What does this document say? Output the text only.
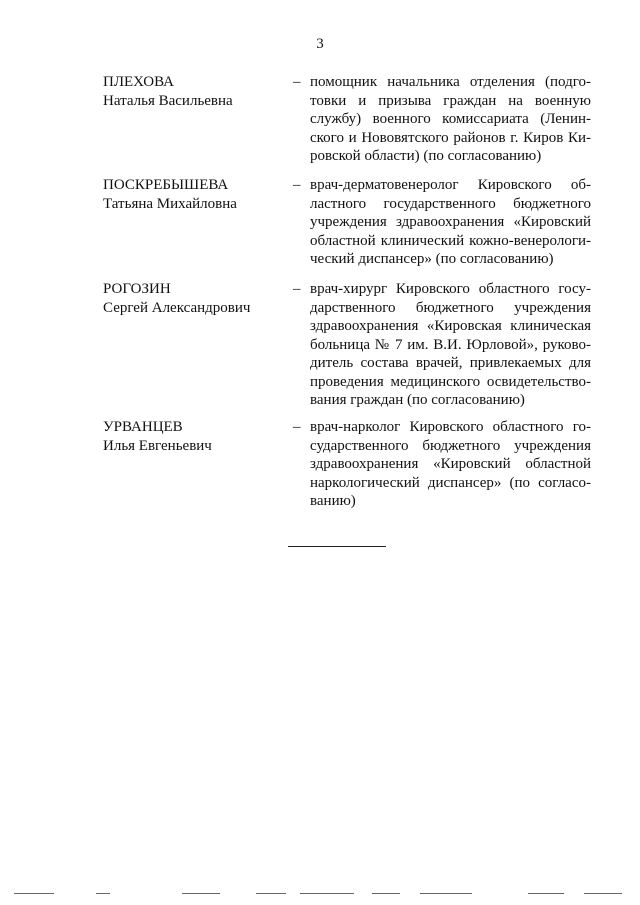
3
ПЛЕХОВА
Наталья Васильевна
– помощник начальника отделения (подго-
товки и призыва граждан на военную
службу) военного комиссариата (Ленин-
ского и Нововятского районов г. Киров Ки-
ровской области) (по согласованию)
ПОСКРЕБЫШЕВА
Татьяна Михайловна
– врач-дерматовенеролог Кировского об-
ластного государственного бюджетного
учреждения здравоохранения «Кировский
областной клинический кожно-венерологи-
ческий диспансер» (по согласованию)
РОГОЗИН
Сергей Александрович
– врач-хирург Кировского областного госу-
дарственного бюджетного учреждения
здравоохранения «Кировская клиническая
больница № 7 им. В.И. Юрловой», руково-
дитель состава врачей, привлекаемых для
проведения медицинского освидетельство-
вания граждан (по согласованию)
УРВАНЦЕВ
Илья Евгеньевич
– врач-нарколог Кировского областного го-
сударственного бюджетного учреждения
здравоохранения «Кировский областной
наркологический диспансер» (по согласо-
ванию)
